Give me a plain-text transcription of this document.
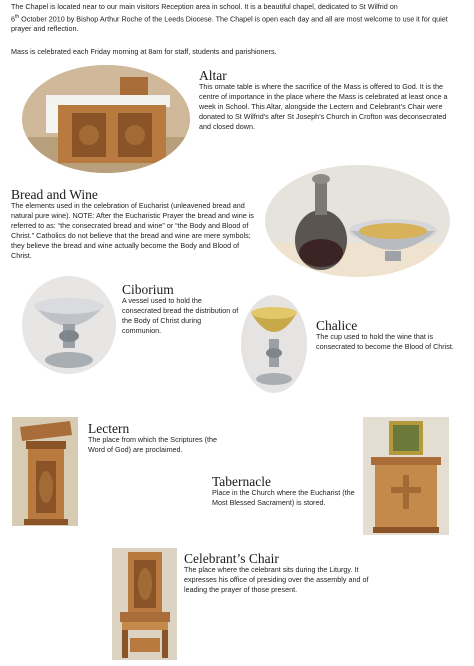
The Chapel is located near to our main visitors Reception area in school. It is a beautiful chapel, dedicated to St Wilfrid on
6th October 2010 by Bishop Arthur Roche of the Leeds Diocese. The Chapel is open each day and all are most welcome to use it for quiet prayer and reflection.

Mass is celebrated each Friday morning at 8am for staff, students and parishioners.

Altar

This ornate table is where the sacrifice of the Mass is offered to God. It is the centre of importance in the place where the Mass is celebrated at least once a week in School. This Altar, alongside the Lectern and Celebrant’s Chair were donated to St Wilfrid’s after St Joseph’s Church in Crofton was deconsecrated and closed down.

Bread and Wine

The elements used in the celebration of Eucharist (unleavened bread and natural pure wine). NOTE: After the Eucharistic Prayer the bread and wine is referred to as: “the consecrated bread and wine” or “the Body and Blood of Christ.” Catholics do not believe that the bread and wine are mere symbols; they believe the bread and wine actually become the Body and Blood of Christ.

Ciborium

A vessel used to hold the consecrated bread the distribution of the Body of Christ during communion.	Chalice

The cup used to hold the wine that is consecrated to become the Blood of Christ.

Lectern

The place from which the Scriptures (the Word of God) are proclaimed.

Tabernacle

Place in the Church where the Eucharist (the Most Blessed Sacrament) is stored.

Celebrant’s Chair

The place where the celebrant sits during the Liturgy. It expresses his office of presiding over the assembly and of leading the prayer of those present.
